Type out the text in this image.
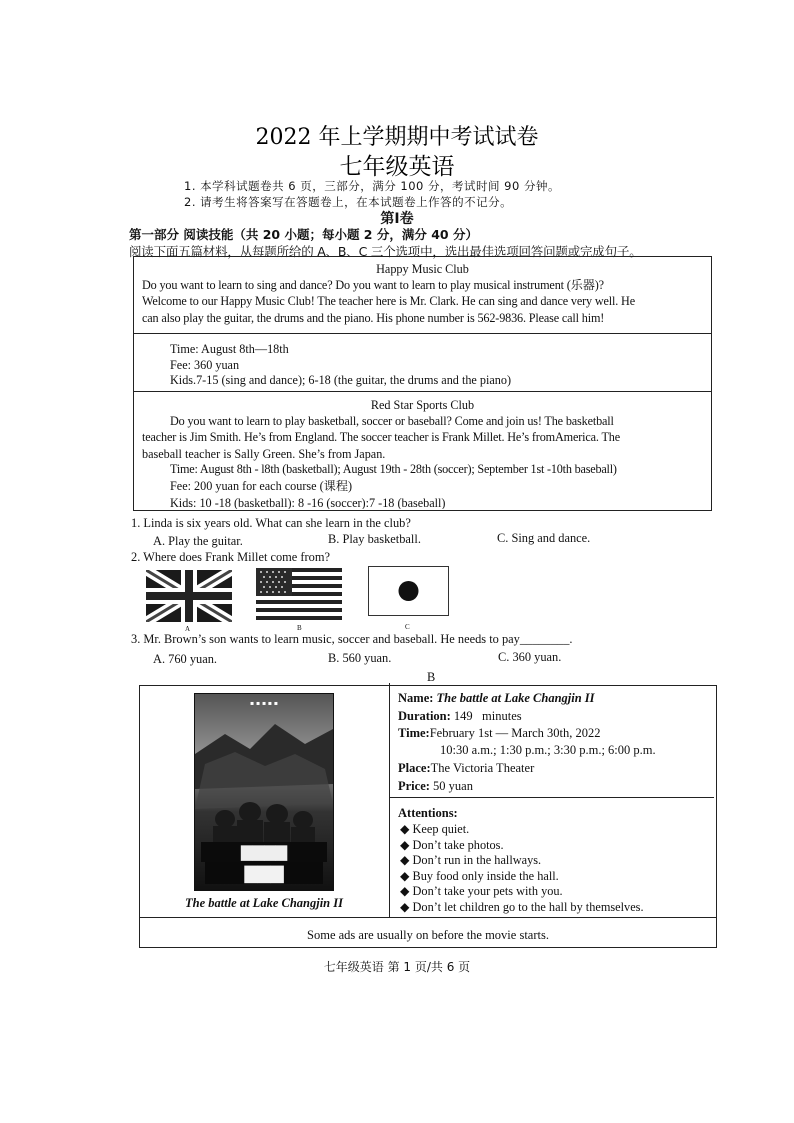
2022 年上学期期中考试试卷
七年级英语
1. 本学科试题卷共 6 页，三部分，满分 100 分，考试时间 90 分钟。
2. 请考生将答案写在答题卷上，在本试题卷上作答的不记分。
第Ⅰ卷
第一部分 阅读技能（共 20 小题；每小题 2 分，满分 40 分）
阅读下面五篇材料，从每题所给的 A、B、C 三个选项中，选出最佳选项回答问题或完成句子。
Happy Music Club
Do you want to learn to sing and dance? Do you want to learn to play musical instrument (乐器)?
Welcome to our Happy Music Club! The teacher here is Mr. Clark. He can sing and dance very well. He
can also play the guitar, the drums and the piano. His phone number is 562-9836. Please call him!
Time: August 8th—18th
Fee: 360 yuan
Kids.7-15 (sing and dance); 6-18 (the guitar, the drums and the piano)
Red Star Sports Club
Do you want to learn to play basketball, soccer or baseball? Come and join us! The basketball
teacher is Jim Smith. He’s from England. The soccer teacher is Frank Millet. He’s fromAmerica. The
baseball teacher is Sally Green. She’s from Japan.
Time: August 8th - l8th (basketball); August 19th - 28th (soccer); September 1st -10th baseball)
Fee: 200 yuan for each course (课程)
Kids: 10 -18 (basketball): 8 -16 (soccer):7 -18 (baseball)
1. Linda is six years old. What can she learn in the club?
A. Play the guitar.	B. Play basketball.	C. Sing and dance.
2. Where does Frank Millet come from?
A	B	C
3. Mr. Brown’s son wants to learn music, soccer and baseball. He needs to pay________.
A. 760 yuan.	B. 560 yuan.	C. 360 yuan.
B
▇▇▇▇
▇▇▇
▪ ▪ ▪ ▪ ▪
The battle at Lake Changjin II
Name: The battle at Lake Changjin II
Duration: 149   minutes
Time:February 1st — March 30th, 2022
10:30 a.m.; 1:30 p.m.; 3:30 p.m.; 6:00 p.m.
Place:The Victoria Theater
Price: 50 yuan
Attentions:
◆ Keep quiet.
◆ Don’t take photos.
◆ Don’t run in the hallways.
◆ Buy food only inside the hall.
◆ Don’t take your pets with you.
◆ Don’t let children go to the hall by themselves.
Some ads are usually on before the movie starts.
七年级英语 第 1 页/共 6 页
